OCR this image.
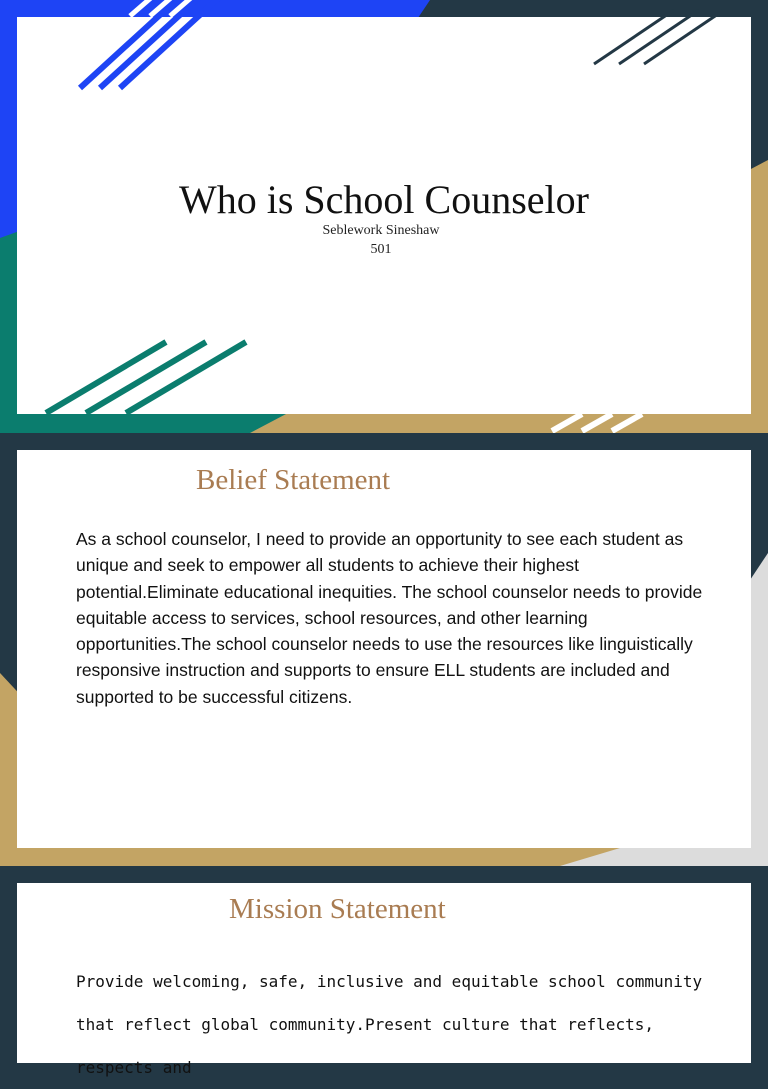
Who is School Counselor
Seblework Sineshaw
501
Belief Statement

As a school counselor, I need to provide an opportunity to see each student as unique and seek to empower all students to achieve their highest potential.Eliminate educational inequities. The school counselor needs to provide equitable access to services, school resources, and other learning opportunities.The school counselor needs to use the resources like linguistically responsive instruction and supports to ensure ELL students are included and supported to be successful citizens.

Mission Statement

Provide welcoming, safe, inclusive and equitable school community that reflect global community.Present culture that reflects, respects and
